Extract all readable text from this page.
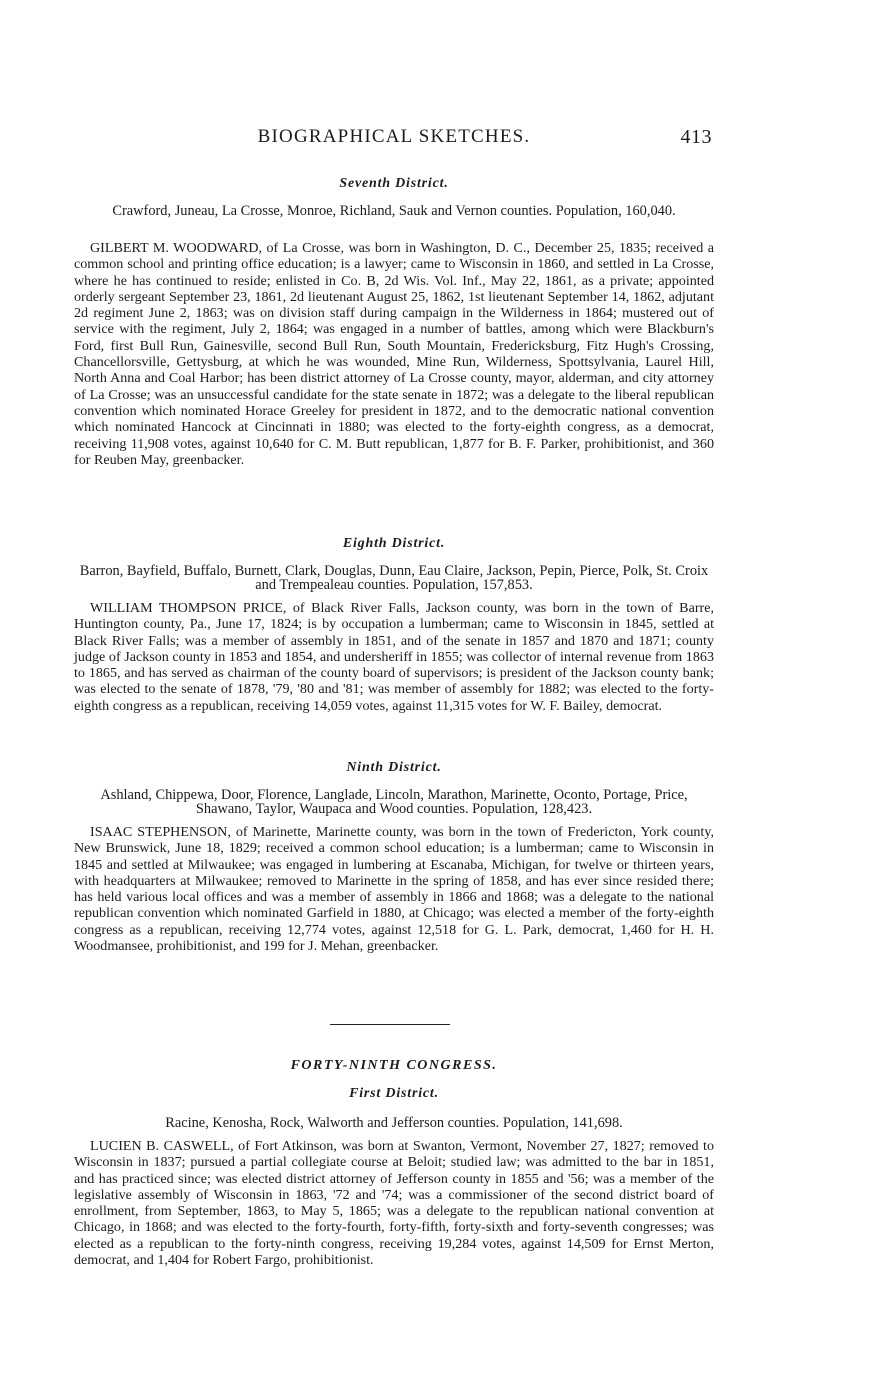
BIOGRAPHICAL SKETCHES.	413
Seventh District.
Crawford, Juneau, La Crosse, Monroe, Richland, Sauk and Vernon counties. Population, 160,040.

GILBERT M. WOODWARD, of La Crosse, was born in Washington, D. C., December 25, 1835; received a common school and printing office education; is a lawyer; came to Wisconsin in 1860, and settled in La Crosse, where he has continued to reside; enlisted in Co. B, 2d Wis. Vol. Inf., May 22, 1861, as a private; appointed orderly sergeant September 23, 1861, 2d lieutenant August 25, 1862, 1st lieutenant September 14, 1862, adjutant 2d regiment June 2, 1863; was on division staff during campaign in the Wilderness in 1864; mustered out of service with the regiment, July 2, 1864; was engaged in a number of battles, among which were Blackburn's Ford, first Bull Run, Gainesville, second Bull Run, South Mountain, Fredericksburg, Fitz Hugh's Crossing, Chancellorsville, Gettysburg, at which he was wounded, Mine Run, Wilderness, Spottsylvania, Laurel Hill, North Anna and Coal Harbor; has been district attorney of La Crosse county, mayor, alderman, and city attorney of La Crosse; was an unsuccessful candidate for the state senate in 1872; was a delegate to the liberal republican convention which nominated Horace Greeley for president in 1872, and to the democratic national convention which nominated Hancock at Cincinnati in 1880; was elected to the forty-eighth congress, as a democrat, receiving 11,908 votes, against 10,640 for C. M. Butt republican, 1,877 for B. F. Parker, prohibitionist, and 360 for Reuben May, greenbacker.

Eighth District.
Barron, Bayfield, Buffalo, Burnett, Clark, Douglas, Dunn, Eau Claire, Jackson, Pepin, Pierce, Polk, St. Croix and Trempealeau counties. Population, 157,853.

WILLIAM THOMPSON PRICE, of Black River Falls, Jackson county, was born in the town of Barre, Huntington county, Pa., June 17, 1824; is by occupation a lumberman; came to Wisconsin in 1845, settled at Black River Falls; was a member of assembly in 1851, and of the senate in 1857 and 1870 and 1871; county judge of Jackson county in 1853 and 1854, and undersheriff in 1855; was collector of internal revenue from 1863 to 1865, and has served as chairman of the county board of supervisors; is president of the Jackson county bank; was elected to the senate of 1878, '79, '80 and '81; was member of assembly for 1882; was elected to the forty-eighth congress as a republican, receiving 14,059 votes, against 11,315 votes for W. F. Bailey, democrat.

Ninth District.
Ashland, Chippewa, Door, Florence, Langlade, Lincoln, Marathon, Marinette, Oconto, Portage, Price, Shawano, Taylor, Waupaca and Wood counties. Population, 128,423.

ISAAC STEPHENSON, of Marinette, Marinette county, was born in the town of Fredericton, York county, New Brunswick, June 18, 1829; received a common school education; is a lumberman; came to Wisconsin in 1845 and settled at Milwaukee; was engaged in lumbering at Escanaba, Michigan, for twelve or thirteen years, with headquarters at Milwaukee; removed to Marinette in the spring of 1858, and has ever since resided there; has held various local offices and was a member of assembly in 1866 and 1868; was a delegate to the national republican convention which nominated Garfield in 1880, at Chicago; was elected a member of the forty-eighth congress as a republican, receiving 12,774 votes, against 12,518 for G. L. Park, democrat, 1,460 for H. H. Woodmansee, prohibitionist, and 199 for J. Mehan, greenbacker.

FORTY-NINTH CONGRESS.
First District.
Racine, Kenosha, Rock, Walworth and Jefferson counties. Population, 141,698.

LUCIEN B. CASWELL, of Fort Atkinson, was born at Swanton, Vermont, November 27, 1827; removed to Wisconsin in 1837; pursued a partial collegiate course at Beloit; studied law; was admitted to the bar in 1851, and has practiced since; was elected district attorney of Jefferson county in 1855 and '56; was a member of the legislative assembly of Wisconsin in 1863, '72 and '74; was a commissioner of the second district board of enrollment, from September, 1863, to May 5, 1865; was a delegate to the republican national convention at Chicago, in 1868; and was elected to the forty-fourth, forty-fifth, forty-sixth and forty-seventh congresses; was elected as a republican to the forty-ninth congress, receiving 19,284 votes, against 14,509 for Ernst Merton, democrat, and 1,404 for Robert Fargo, prohibitionist.
